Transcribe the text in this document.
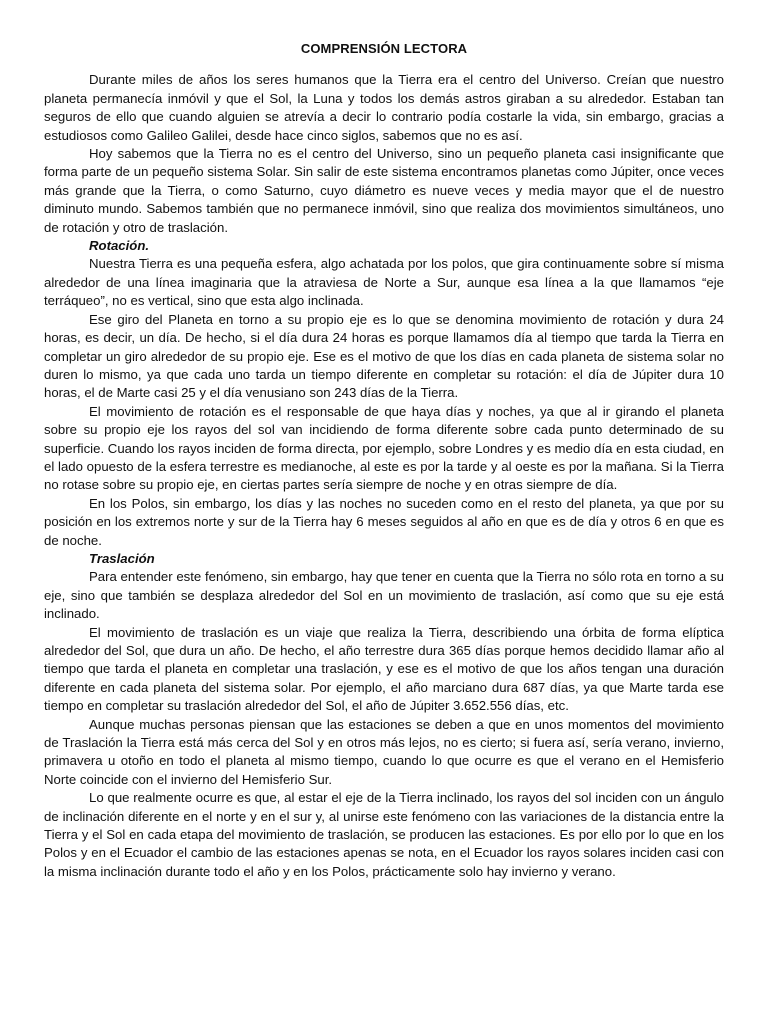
COMPRENSIÓN LECTORA

Durante miles de años los seres humanos que la Tierra era el centro del Universo. Creían que nuestro planeta permanecía inmóvil y que el Sol, la Luna y todos los demás astros giraban a su alrededor. Estaban tan seguros de ello que cuando alguien se atrevía a decir lo contrario podía costarle la vida, sin embargo, gracias a estudiosos como Galileo Galilei, desde hace cinco siglos, sabemos que no es así.

Hoy sabemos que la Tierra no es el centro del Universo, sino un pequeño planeta casi insignificante que forma parte de un pequeño sistema Solar. Sin salir de este sistema encontramos planetas como Júpiter, once veces más grande que la Tierra, o como Saturno, cuyo diámetro es nueve veces y media mayor que el de nuestro diminuto mundo. Sabemos también que no permanece inmóvil, sino que realiza dos movimientos simultáneos, uno de rotación y otro de traslación.

Rotación.

Nuestra Tierra es una pequeña esfera, algo achatada por los polos, que gira continuamente sobre sí misma alrededor de una línea imaginaria que la atraviesa de Norte a Sur, aunque esa línea a la que llamamos “eje terráqueo”, no es vertical, sino que esta algo inclinada.

Ese giro del Planeta en torno a su propio eje es lo que se denomina movimiento de rotación y dura 24 horas, es decir, un día. De hecho, si el día dura 24 horas es porque llamamos día al tiempo que tarda la Tierra en completar un giro alrededor de su propio eje. Ese es el motivo de que los días en cada planeta de sistema solar no duren lo mismo, ya que cada uno tarda un tiempo diferente en completar su rotación: el día de Júpiter dura 10 horas, el de Marte casi 25 y el día venusiano son 243 días de la Tierra.

El movimiento de rotación es el responsable de que haya días y noches, ya que al ir girando el planeta sobre su propio eje los rayos del sol van incidiendo de forma diferente sobre cada punto determinado de su superficie. Cuando los rayos inciden de forma directa, por ejemplo, sobre Londres y es medio día en esta ciudad, en el lado opuesto de la esfera terrestre es medianoche, al este es por la tarde y al oeste es por la mañana. Si la Tierra no rotase sobre su propio eje, en ciertas partes sería siempre de noche y en otras siempre de día.

En los Polos, sin embargo, los días y las noches no suceden como en el resto del planeta, ya que por su posición en los extremos norte y sur de la Tierra hay 6 meses seguidos al año en que es de día y otros 6 en que es de noche.

Traslación

Para entender este fenómeno, sin embargo, hay que tener en cuenta que la Tierra no sólo rota en torno a su eje, sino que también se desplaza alrededor del Sol en un movimiento de traslación, así como que su eje está inclinado.

El movimiento de traslación es un viaje que realiza la Tierra, describiendo una órbita de forma elíptica alrededor del Sol, que dura un año. De hecho, el año terrestre dura 365 días porque hemos decidido llamar año al tiempo que tarda el planeta en completar una traslación, y ese es el motivo de que los años tengan una duración diferente en cada planeta del sistema solar. Por ejemplo, el año marciano dura 687 días, ya que Marte tarda ese tiempo en completar su traslación alrededor del Sol, el año de Júpiter 3.652.556 días, etc.

Aunque muchas personas piensan que las estaciones se deben a que en unos momentos del movimiento de Traslación la Tierra está más cerca del Sol y en otros más lejos, no es cierto; si fuera así, sería verano, invierno, primavera u otoño en todo el planeta al mismo tiempo, cuando lo que ocurre es que el verano en el Hemisferio Norte coincide con el invierno del Hemisferio Sur.

Lo que realmente ocurre es que, al estar el eje de la Tierra inclinado, los rayos del sol inciden con un ángulo de inclinación diferente en el norte y en el sur y, al unirse este fenómeno con las variaciones de la distancia entre la Tierra y el Sol en cada etapa del movimiento de traslación, se producen las estaciones. Es por ello por lo que en los Polos y en el Ecuador el cambio de las estaciones apenas se nota, en el Ecuador los rayos solares inciden casi con la misma inclinación durante todo el año y en los Polos, prácticamente solo hay invierno y verano.
